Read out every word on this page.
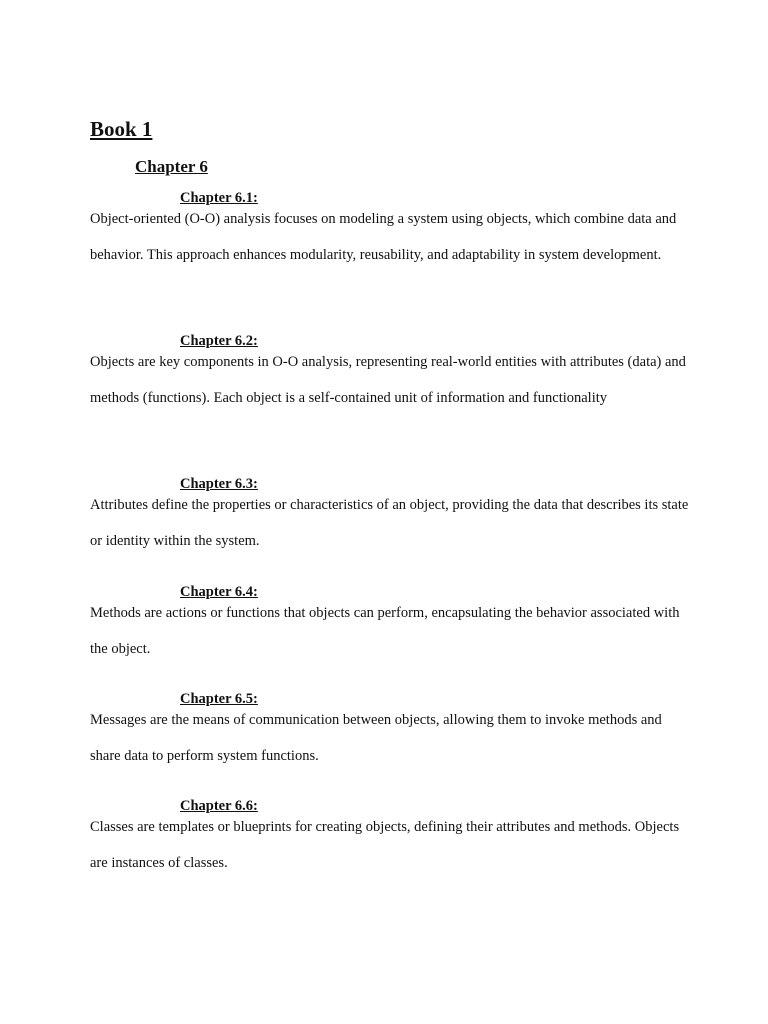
Book 1
Chapter 6
Chapter 6.1:

Object-oriented (O-O) analysis focuses on modeling a system using objects, which combine data and behavior. This approach enhances modularity, reusability, and adaptability in system development.

Chapter 6.2:

Objects are key components in O-O analysis, representing real-world entities with attributes (data) and methods (functions). Each object is a self-contained unit of information and functionality

Chapter 6.3:

Attributes define the properties or characteristics of an object, providing the data that describes its state or identity within the system.

Chapter 6.4:

Methods are actions or functions that objects can perform, encapsulating the behavior associated with the object.

Chapter 6.5:

Messages are the means of communication between objects, allowing them to invoke methods and share data to perform system functions.

Chapter 6.6:

Classes are templates or blueprints for creating objects, defining their attributes and methods. Objects are instances of classes.
